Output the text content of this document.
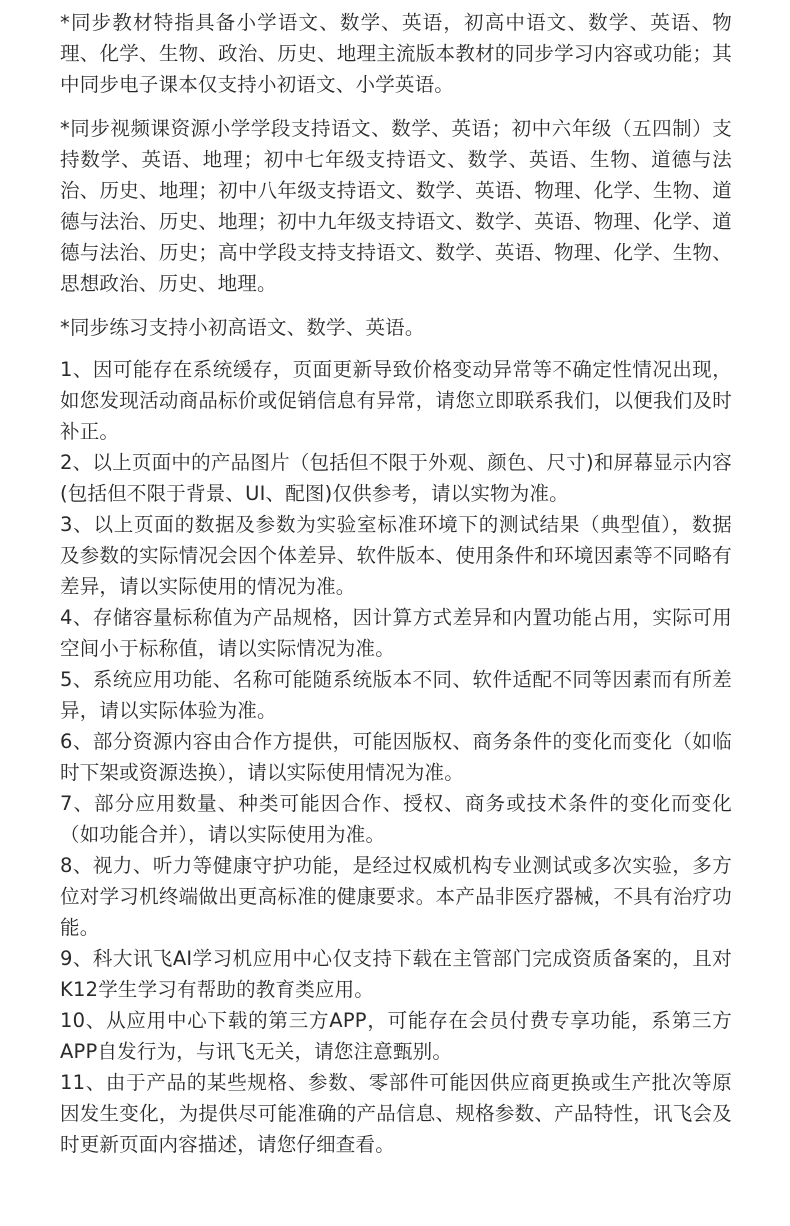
*同步教材特指具备小学语文、数学、英语，初高中语文、数学、英语、物理、化学、生物、政治、历史、地理主流版本教材的同步学习内容或功能；其中同步电子课本仅支持小初语文、小学英语。

*同步视频课资源小学学段支持语文、数学、英语；初中六年级（五四制）支持数学、英语、地理；初中七年级支持语文、数学、英语、生物、道德与法治、历史、地理；初中八年级支持语文、数学、英语、物理、化学、生物、道德与法治、历史、地理；初中九年级支持语文、数学、英语、物理、化学、道德与法治、历史；高中学段支持支持语文、数学、英语、物理、化学、生物、思想政治、历史、地理。

*同步练习支持小初高语文、数学、英语。

1、因可能存在系统缓存，页面更新导致价格变动异常等不确定性情况出现，如您发现活动商品标价或促销信息有异常，请您立即联系我们，以便我们及时补正。

2、以上页面中的产品图片（包括但不限于外观、颜色、尺寸)和屏幕显示内容(包括但不限于背景、UI、配图)仅供参考，请以实物为准。

3、以上页面的数据及参数为实验室标准环境下的测试结果（典型值），数据及参数的实际情况会因个体差异、软件版本、使用条件和环境因素等不同略有差异，请以实际使用的情况为准。

4、存储容量标称值为产品规格，因计算方式差异和内置功能占用，实际可用空间小于标称值，请以实际情况为准。

5、系统应用功能、名称可能随系统版本不同、软件适配不同等因素而有所差异，请以实际体验为准。

6、部分资源内容由合作方提供，可能因版权、商务条件的变化而变化（如临时下架或资源迭换），请以实际使用情况为准。

7、部分应用数量、种类可能因合作、授权、商务或技术条件的变化而变化（如功能合并），请以实际使用为准。

8、视力、听力等健康守护功能，是经过权威机构专业测试或多次实验，多方位对学习机终端做出更高标准的健康要求。本产品非医疗器械，不具有治疗功能。

9、科大讯飞AI学习机应用中心仅支持下载在主管部门完成资质备案的，且对K12学生学习有帮助的教育类应用。

10、从应用中心下载的第三方APP，可能存在会员付费专享功能，系第三方APP自发行为，与讯飞无关，请您注意甄别。

11、由于产品的某些规格、参数、零部件可能因供应商更换或生产批次等原因发生变化，为提供尽可能准确的产品信息、规格参数、产品特性，讯飞会及时更新页面内容描述，请您仔细查看。
